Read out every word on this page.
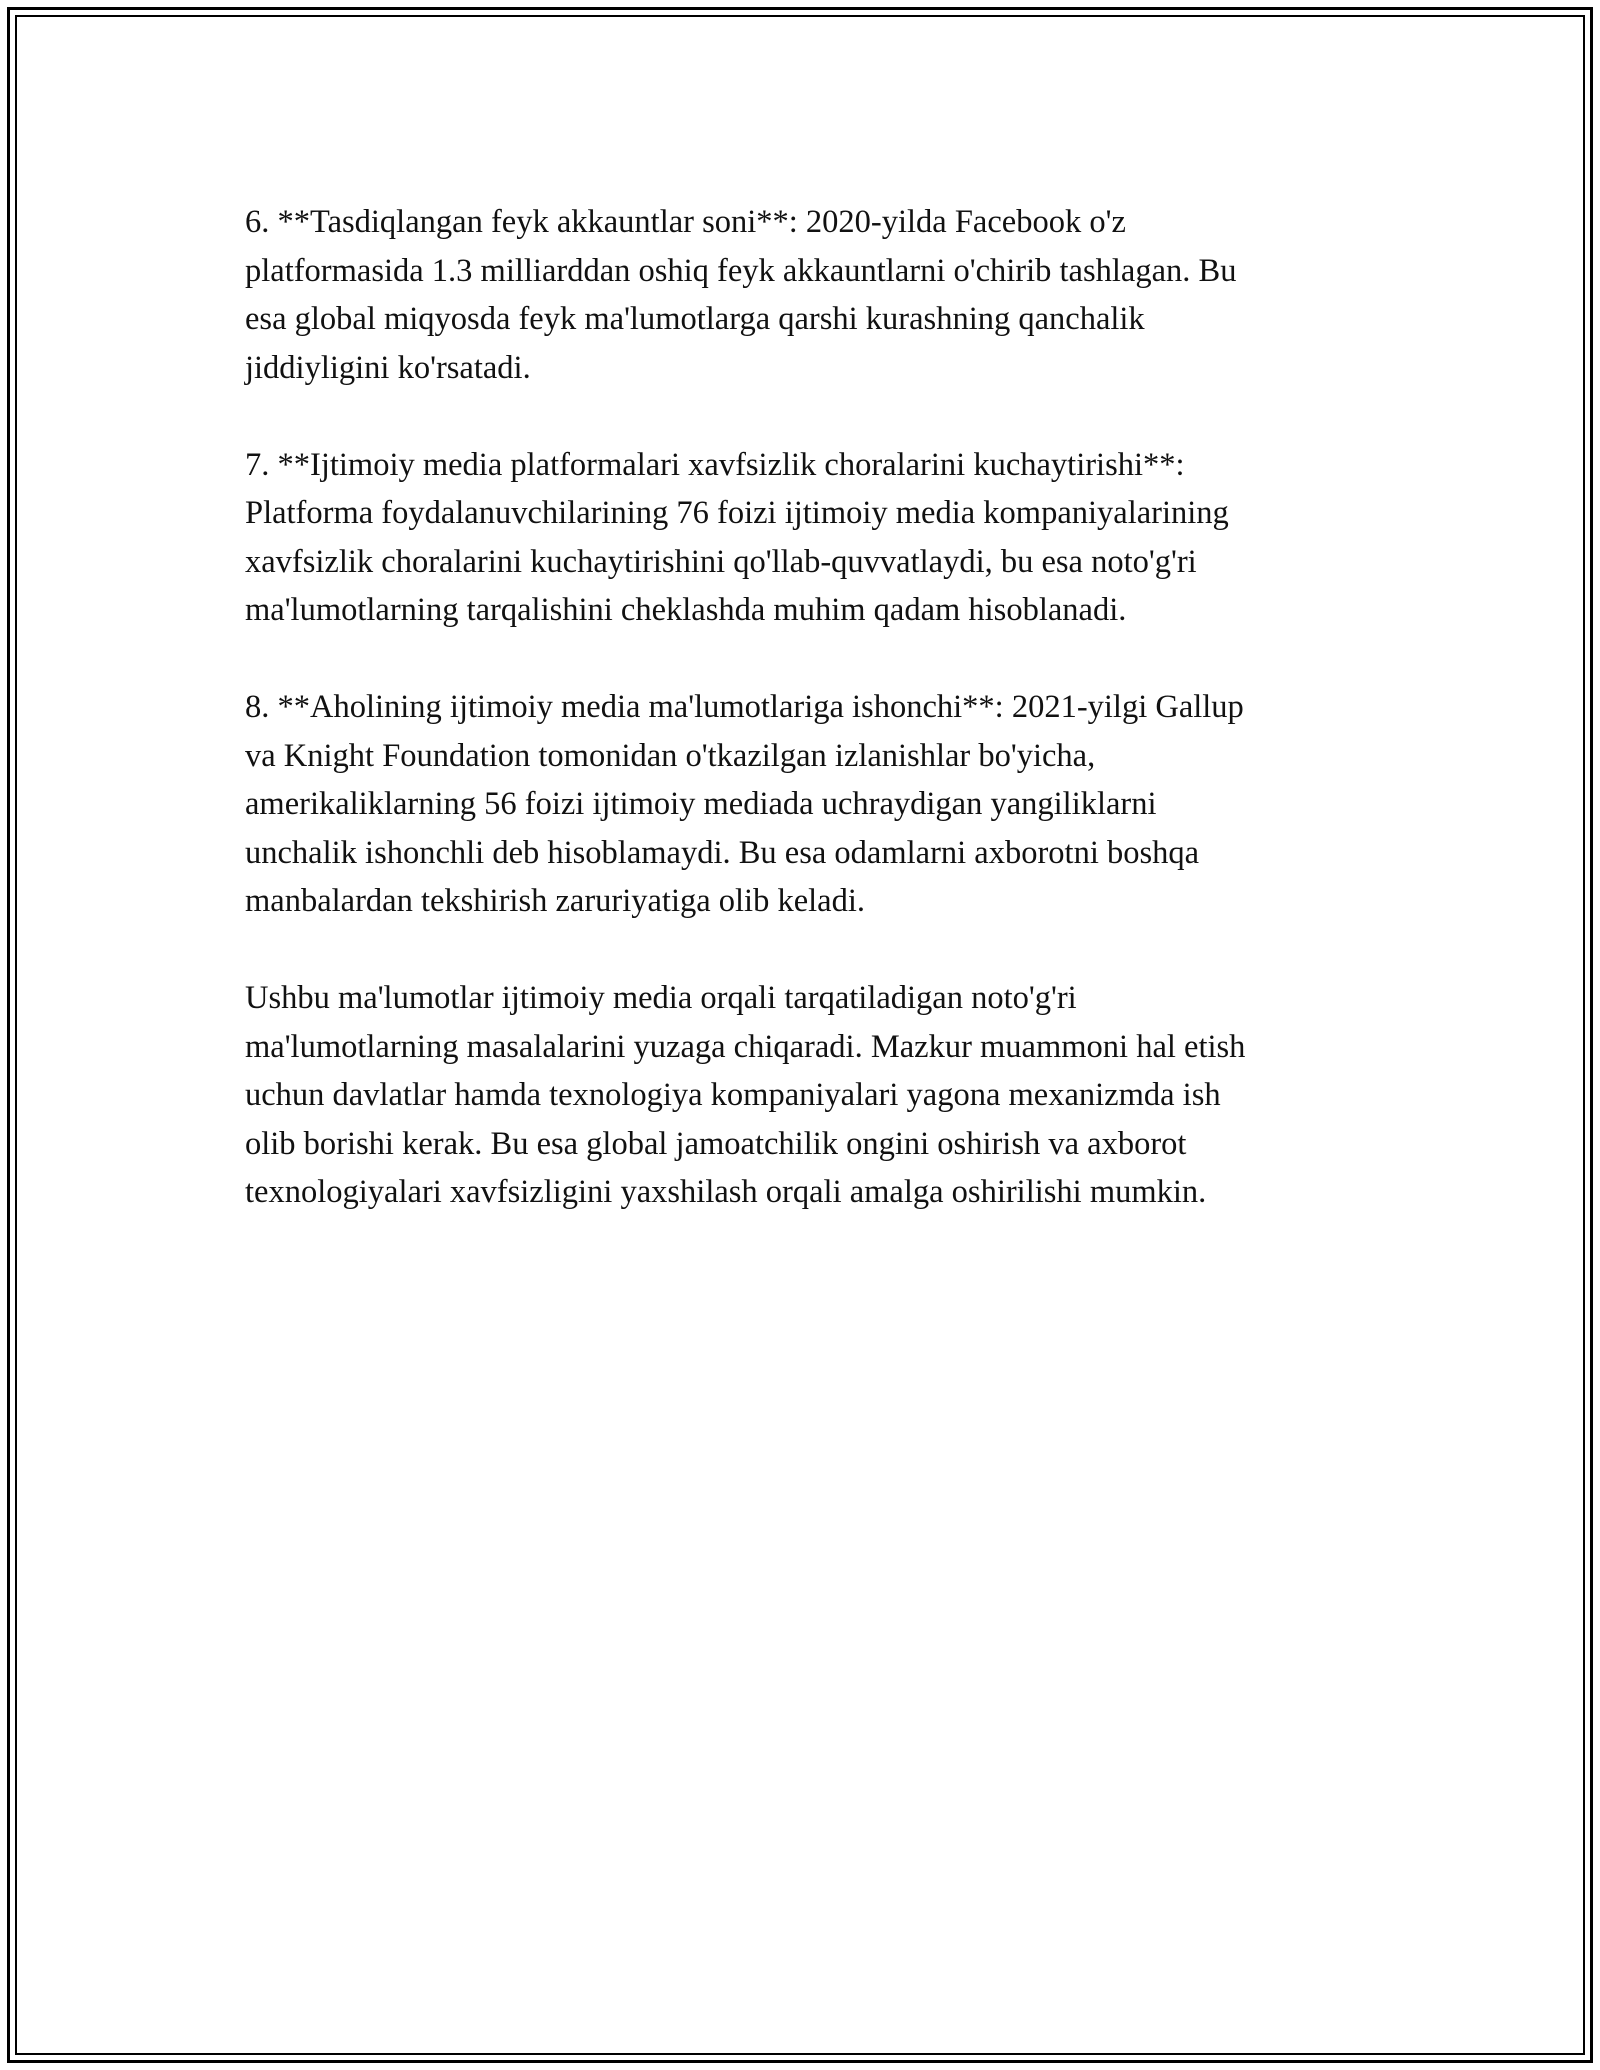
6. **Tasdiqlangan feyk akkauntlar soni**: 2020-yilda Facebook o'z
platformasida 1.3 milliarddan oshiq feyk akkauntlarni o'chirib tashlagan. Bu
esa global miqyosda feyk ma'lumotlarga qarshi kurashning qanchalik
jiddiyligini ko'rsatadi.

7. **Ijtimoiy media platformalari xavfsizlik choralarini kuchaytirishi**:
Platforma foydalanuvchilarining 76 foizi ijtimoiy media kompaniyalarining
xavfsizlik choralarini kuchaytirishini qo'llab-quvvatlaydi, bu esa noto'g'ri
ma'lumotlarning tarqalishini cheklashda muhim qadam hisoblanadi.

8. **Aholining ijtimoiy media ma'lumotlariga ishonchi**: 2021-yilgi Gallup
va Knight Foundation tomonidan o'tkazilgan izlanishlar bo'yicha,
amerikaliklarning 56 foizi ijtimoiy mediada uchraydigan yangiliklarni
unchalik ishonchli deb hisoblamaydi. Bu esa odamlarni axborotni boshqa
manbalardan tekshirish zaruriyatiga olib keladi.

Ushbu ma'lumotlar ijtimoiy media orqali tarqatiladigan noto'g'ri
ma'lumotlarning masalalarini yuzaga chiqaradi. Mazkur muammoni hal etish
uchun davlatlar hamda texnologiya kompaniyalari yagona mexanizmda ish
olib borishi kerak. Bu esa global jamoatchilik ongini oshirish va axborot
texnologiyalari xavfsizligini yaxshilash orqali amalga oshirilishi mumkin.
